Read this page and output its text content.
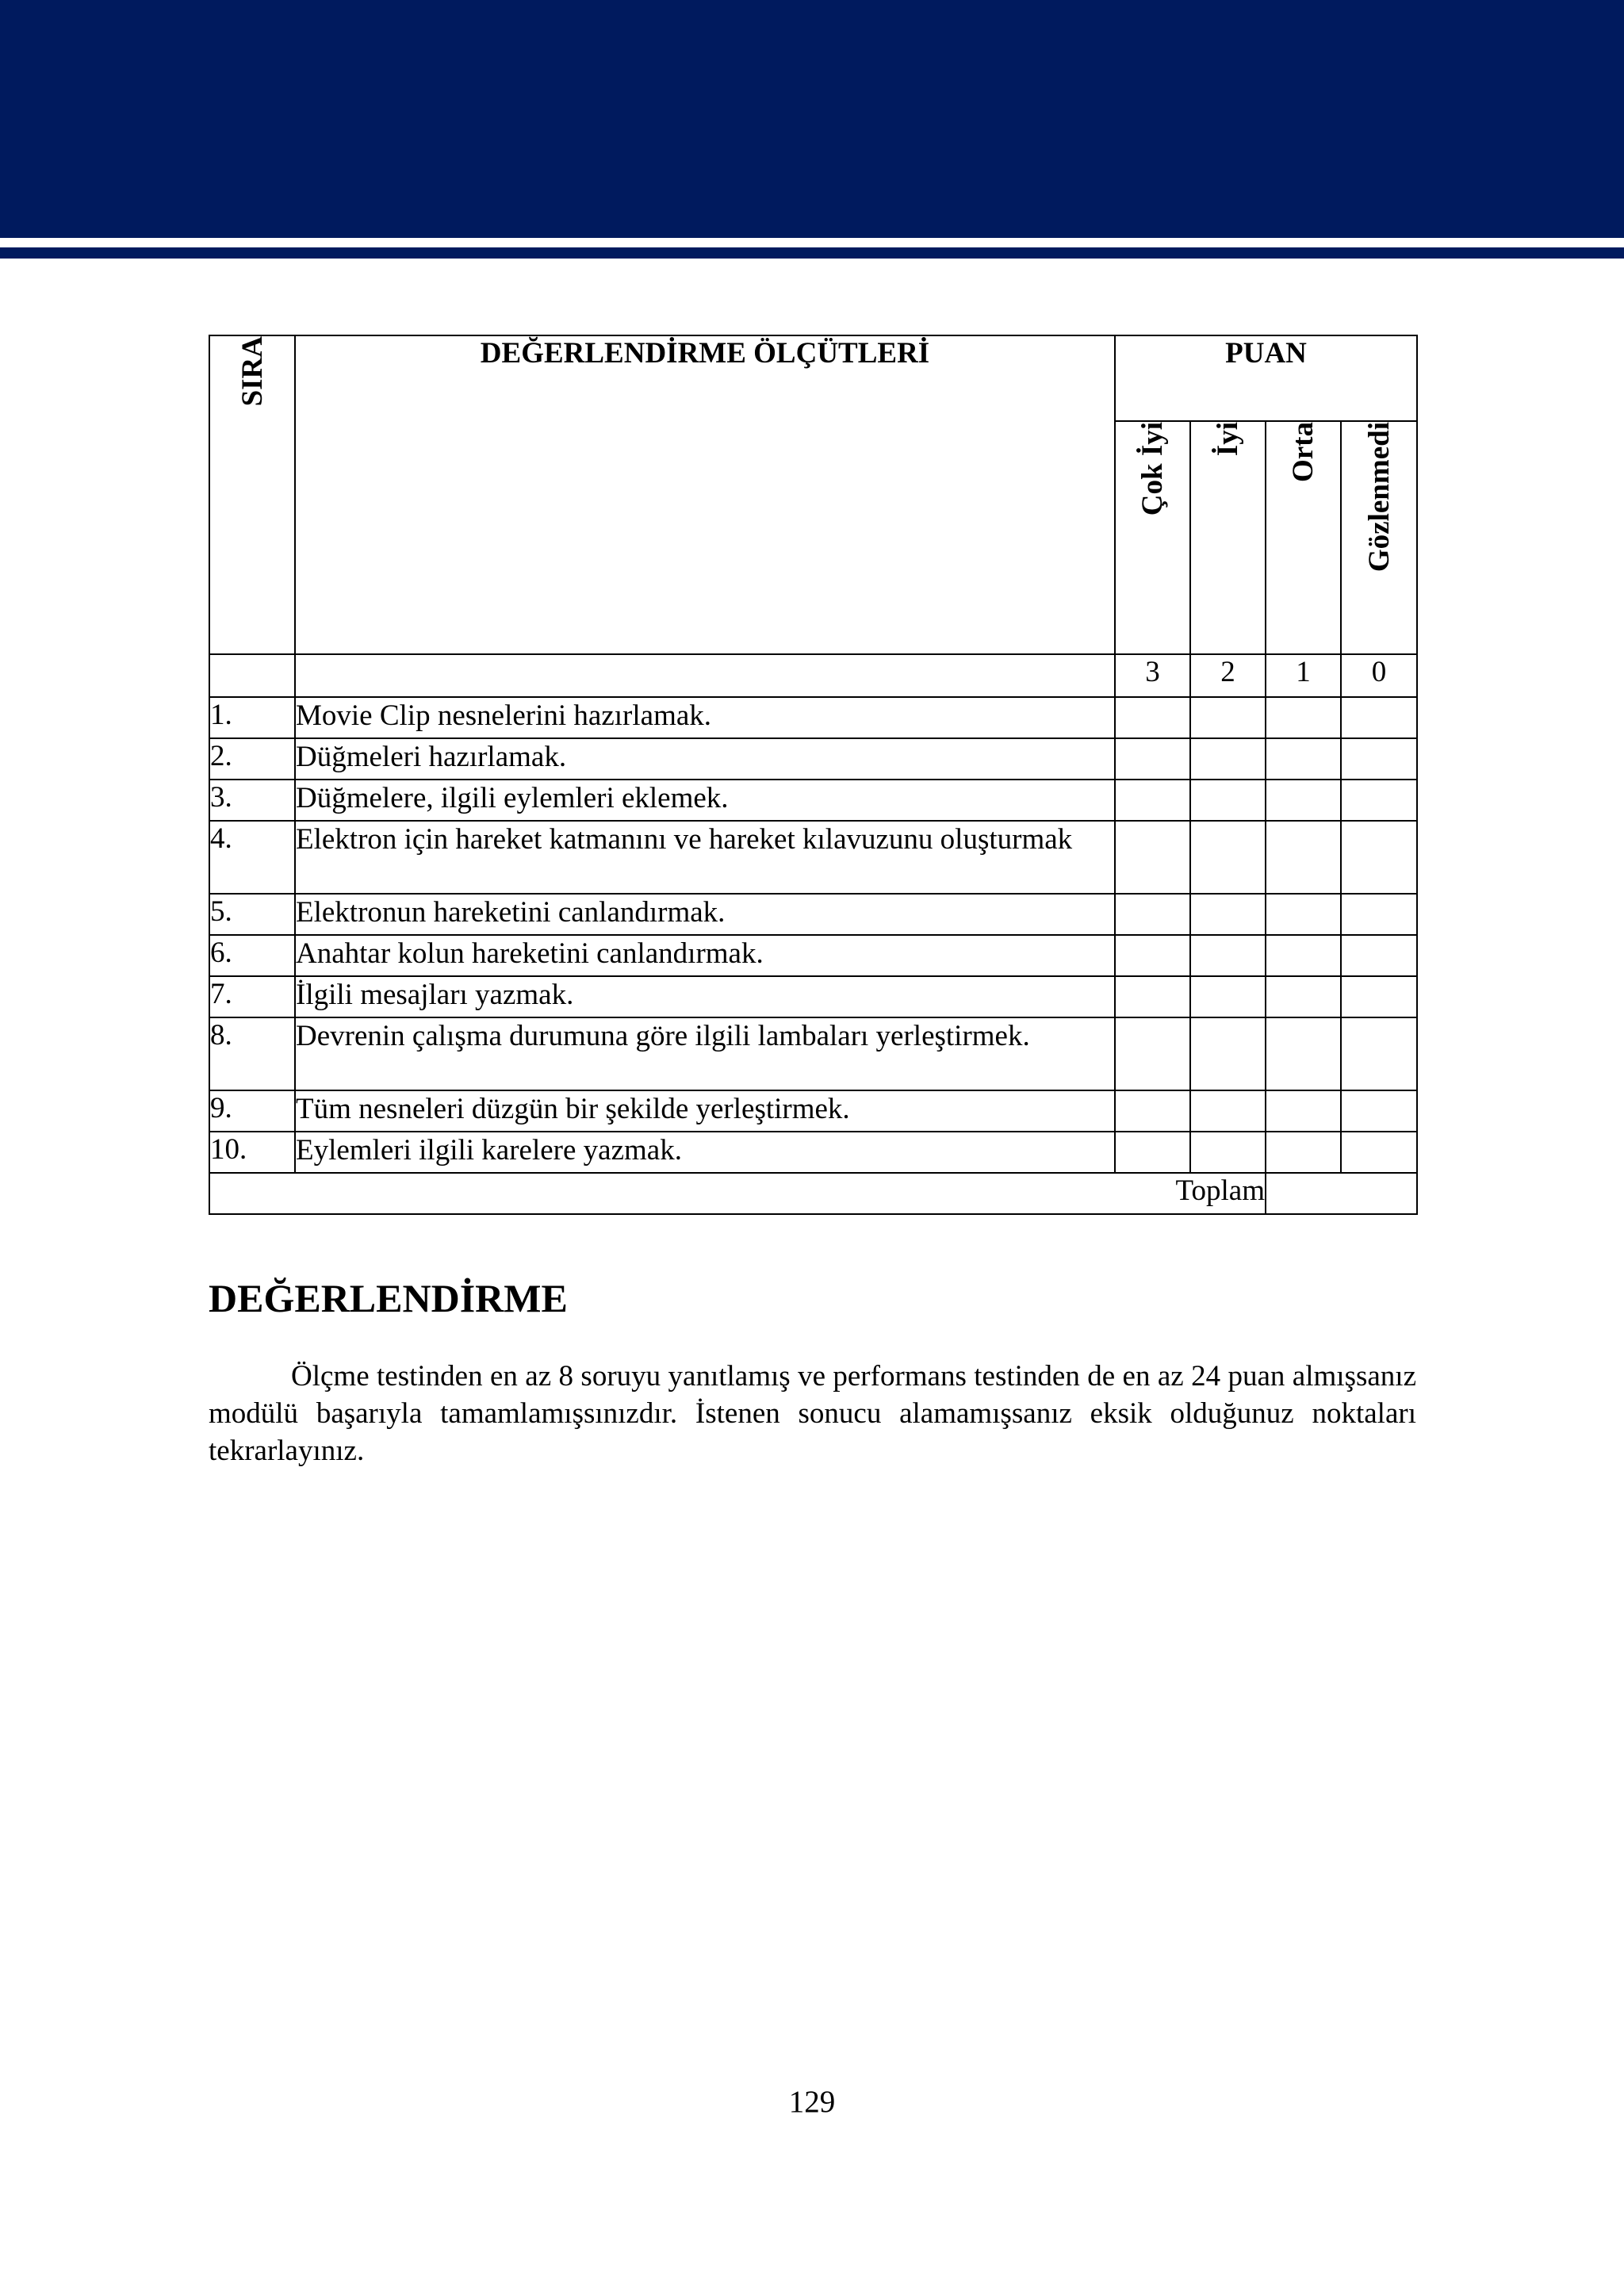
SIRA	DEĞERLENDİRME ÖLÇÜTLERİ	PUAN			
		Çok İyi	İyi	Orta	Gözlenmedi
		3	2	1	0
1.	Movie Clip nesnelerini hazırlamak.				
2.	Düğmeleri hazırlamak.				
3.	Düğmelere, ilgili eylemleri eklemek.				
4.	Elektron için hareket katmanını ve hareket kılavuzunu oluşturmak				
5.	Elektronun hareketini canlandırmak.				
6.	Anahtar kolun hareketini canlandırmak.				
7.	İlgili mesajları yazmak.				
8.	Devrenin çalışma durumuna göre ilgili lambaları yerleştirmek.				
9.	Tüm nesneleri düzgün bir şekilde yerleştirmek.				
10.	Eylemleri ilgili karelere yazmak.				
Toplam					
DEĞERLENDİRME

Ölçme testinden en az 8 soruyu yanıtlamış ve performans testinden de en az 24 puan almışsanız modülü başarıyla tamamlamışsınızdır. İstenen sonucu alamamışsanız eksik olduğunuz noktaları tekrarlayınız.

129
